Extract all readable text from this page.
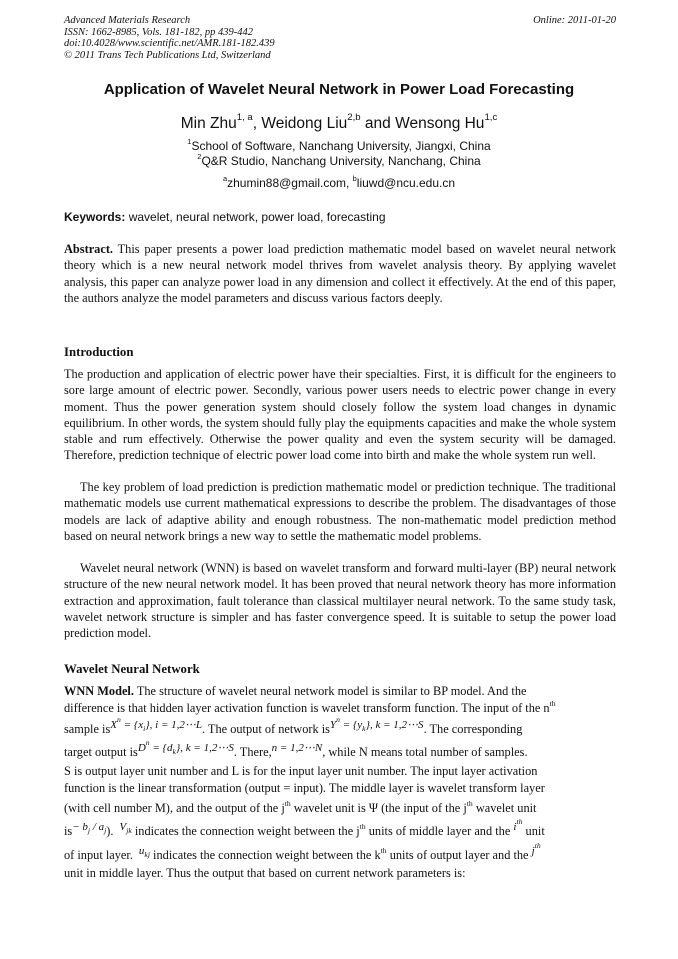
Advanced Materials Research
ISSN: 1662-8985, Vols. 181-182, pp 439-442
doi:10.4028/www.scientific.net/AMR.181-182.439
© 2011 Trans Tech Publications Ltd, Switzerland
Online: 2011-01-20
Application of Wavelet Neural Network in Power Load Forecasting
Min Zhu$^{1, a}$, Weidong Liu$^{2,b}$ and Wensong Hu$^{1,c}$
$^1$School of Software, Nanchang University, Jiangxi, China
$^2$Q&R Studio, Nanchang University, Nanchang, China
$^a$zhumin88@gmail.com, $^b$liuwd@ncu.edu.cn
Keywords: wavelet, neural network, power load, forecasting
Abstract. This paper presents a power load prediction mathematic model based on wavelet neural network theory which is a new neural network model thrives from wavelet analysis theory. By applying wavelet analysis, this paper can analyze power load in any dimension and collect it effectively. At the end of this paper, the authors analyze the model parameters and discuss various factors deeply.
Introduction
The production and application of electric power have their specialties. First, it is difficult for the engineers to sore large amount of electric power. Secondly, various power users needs to electric power change in every moment. Thus the power generation system should closely follow the system load changes in dynamic equilibrium. In other words, the system should fully play the equipments capacities and make the whole system stable and rum effectively. Otherwise the power quality and even the system security will be damaged. Therefore, prediction technique of electric power load come into birth and make the whole system run well.
The key problem of load prediction is prediction mathematic model or prediction technique. The traditional mathematic models use current mathematical expressions to describe the problem. The disadvantages of those models are lack of adaptive ability and enough robustness. The non-mathematic model prediction method based on neural network brings a new way to settle the mathematic model problems.
Wavelet neural network (WNN) is based on wavelet transform and forward multi-layer (BP) neural network structure of the new neural network model. It has been proved that neural network theory has more information extraction and approximation, fault tolerance than classical multilayer neural network. To the same study task, wavelet network structure is simpler and has faster convergence speed. It is suitable to setup the power load prediction model.
Wavelet Neural Network
WNN Model. The structure of wavelet neural network model is similar to BP model. And the
difference is that hidden layer activation function is wavelet transform function. The input of the $n^{th}$
sample $isX^n = \{x_i\}$, i = 1,2⋯L. The output of network $isY^n = \{y_k\}$, k = 1,2⋯S. The corresponding
target output $isD^n = \{d_k\}$, k = 1,2⋯S. There,n = 1,2⋯N, while N means total number of samples.
S is output layer unit number and L is for the input layer unit number. The input layer activation
function is the linear transformation (output = input). The middle layer is wavelet transform layer
(with cell number M), and the output of the $j^{th}$ wavelet unit is Ψ (the input of the $j^{th}$ wavelet unit
$is- b_j / a_j$). $V_{jk}$ indicates the connection weight between the $j^{th}$ units of middle layer and the $i^{th}$ unit
of input layer. $u_{kj}$ indicates the connection weight between the $k^{th}$ units of output layer and the $j^{th}$
unit in middle layer. Thus the output that based on current network parameters is:
